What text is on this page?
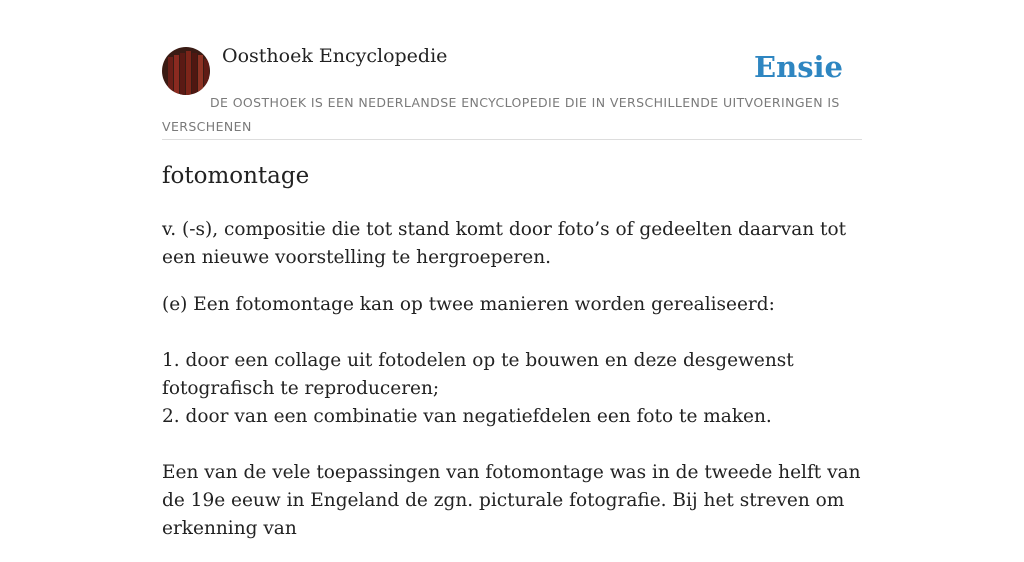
Oosthoek Encyclopedie	Ensie
DE OOSTHOEK IS EEN NEDERLANDSE ENCYCLOPEDIE DIE IN VERSCHILLENDE UITVOERINGEN IS VERSCHENEN
fotomontage

v. (-s), compositie die tot stand komt door foto’s of gedeelten daarvan tot een nieuwe voorstelling te hergroeperen.

(e) Een fotomontage kan op twee manieren worden gerealiseerd:
1. door een collage uit fotodelen op te bouwen en deze desgewenst fotografisch te reproduceren;
2. door van een combinatie van negatiefdelen een foto te maken.
Een van de vele toepassingen van fotomontage was in de tweede helft van de 19e eeuw in Engeland de zgn. picturale fotografie. Bij het streven om erkenning van
